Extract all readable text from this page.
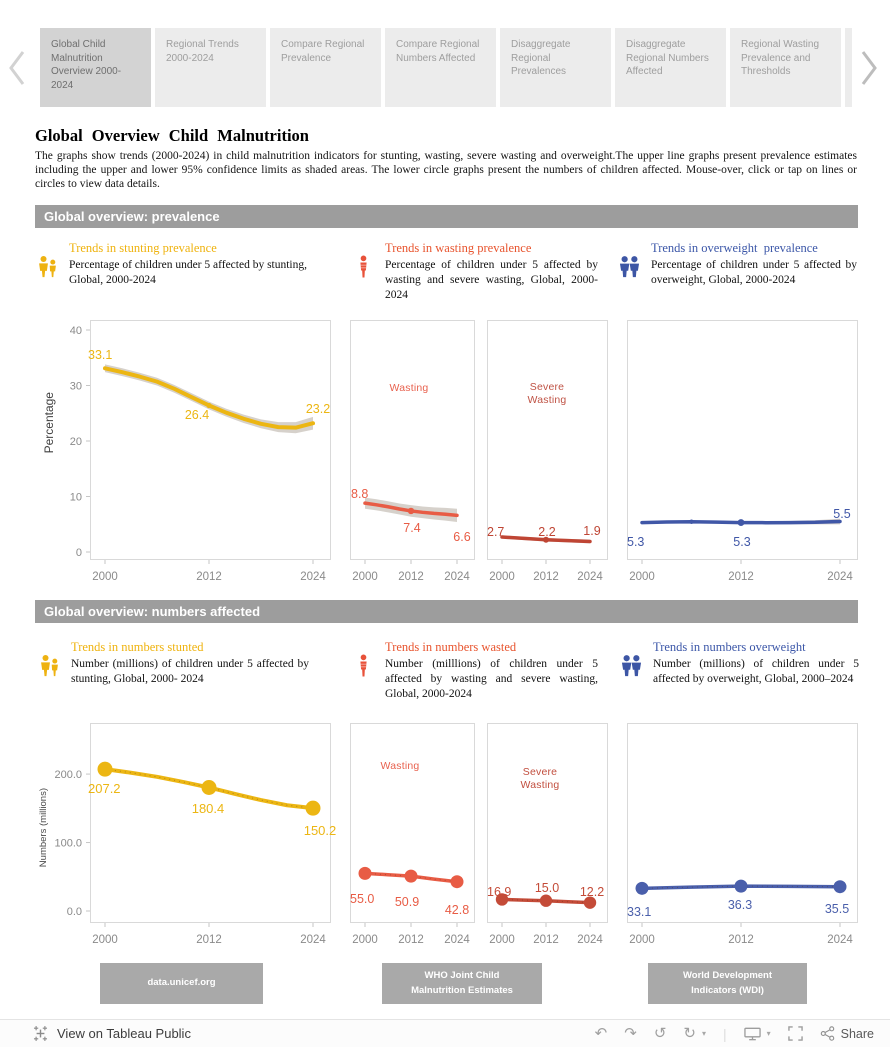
Global Child Malnutrition Overview 2000-2024
Regional Trends 2000-2024
Compare Regional Prevalence
Compare Regional Numbers Affected
Disaggregate Regional Prevalences
Disaggregate Regional Numbers Affected
Regional Wasting Prevalence and Thresholds
Global Overview Child Malnutrition
The graphs show trends (2000-2024) in child malnutrition indicators for stunting, wasting, severe wasting and overweight.The upper line graphs present prevalence estimates including the upper and lower 95% confidence limits as shaded areas. The lower circle graphs present the numbers of children affected. Mouse-over, click or tap on lines or circles to view data details.
Global overview: prevalence
Trends in stunting prevalence
Percentage of children under 5 affected by stunting, Global, 2000-2024
Trends in wasting prevalence
Percentage of children under 5 affected by wasting and severe wasting, Global, 2000-2024
Trends in overweight  prevalence
Percentage of children under 5 affected by overweight, Global, 2000-2024
Percentage
0
10
20
30
40
2000	2012	2024
33.1
26.4	23.2
2000 2012 2024
Wasting
8.8
7.4
6.6
2000 2012 2024
Severe
Wasting
2.7	2.2 1.9
2000	2012	2024
5.3	5.3
5.5
Global overview: numbers affected
Trends in numbers stunted
Number (millions) of children under 5 affected by stunting, Global, 2000- 2024
Trends in numbers wasted
Number (milllions) of children under 5 affected by wasting and severe wasting, Global, 2000-2024
Trends in numbers overweight
Number (millions) of children under 5 affected by overweight, Global, 2000–2024
Numbers (millions)
0.0
100.0
200.0
2000	2012	2024
207.2
180.4
150.2
2000 2012 2024
Wasting
55.0 50.9
42.8
2000 2012 2024
Severe
Wasting
16.9 15.0 12.2
2000	2012	2024
33.1	36.3	35.5
data.unicef.org
WHO Joint Child Malnutrition Estimates
World Development Indicators (WDI)
View on Tableau Public	↶ ↷ ↺ ↻ ▾ |	▾	Share
